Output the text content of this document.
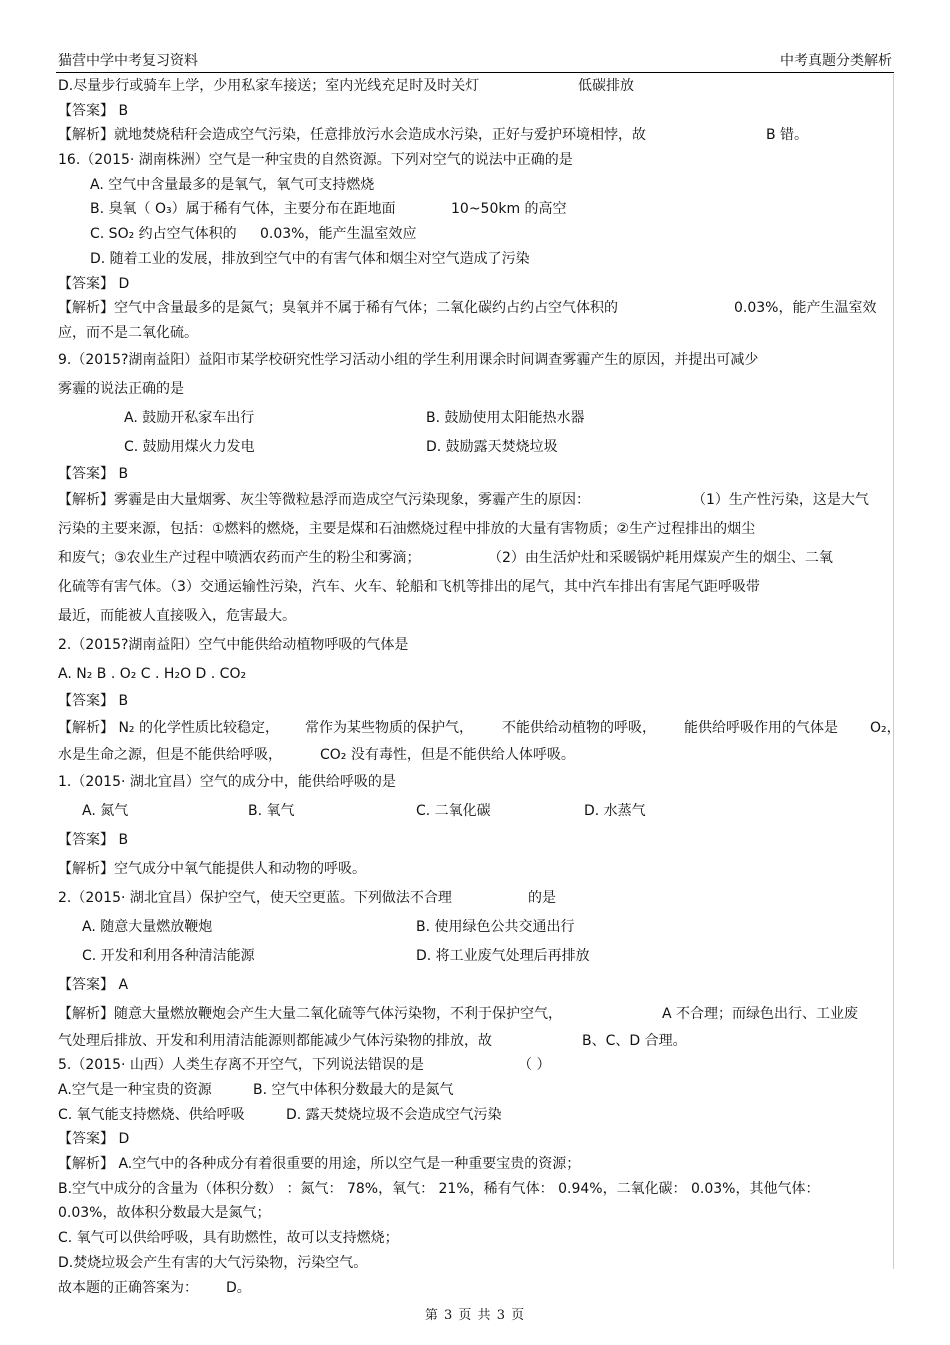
猫营中学中考复习资料	中考真题分类解析
D.尽量步行或骑车上学，少用私家车接送；室内光线充足时及时关灯	低碳排放
【答案】 B
【解析】就地焚烧秸秆会造成空气污染，任意排放污水会造成水污染，正好与爱护环境相悖，故	B 错。
16.（2015· 湖南株洲）空气是一种宝贵的自然资源。下列对空气的说法中正确的是
A. 空气中含量最多的是氧气，氧气可支持燃烧
B. 臭氧（ O₃）属于稀有气体，主要分布在距地面	10~50km 的高空
C. SO₂ 约占空气体积的 0.03%，能产生温室效应
D. 随着工业的发展，排放到空气中的有害气体和烟尘对空气造成了污染
【答案】 D
【解析】空气中含量最多的是氮气；臭氧并不属于稀有气体；二氧化碳约占约占空气体积的	0.03%，能产生温室效
应，而不是二氧化硫。
9.（2015?湖南益阳）益阳市某学校研究性学习活动小组的学生利用课余时间调查雾霾产生的原因，并提出可减少
雾霾的说法正确的是
A. 鼓励开私家车出行	B. 鼓励使用太阳能热水器
C. 鼓励用煤火力发电	D. 鼓励露天焚烧垃圾
【答案】 B
【解析】雾霾是由大量烟雾、灰尘等微粒悬浮而造成空气污染现象，雾霾产生的原因：	（1）生产性污染，这是大气
污染的主要来源，包括：①燃料的燃烧，主要是煤和石油燃烧过程中排放的大量有害物质；②生产过程排出的烟尘
和废气；③农业生产过程中喷洒农药而产生的粉尘和雾滴；	（2）由生活炉灶和采暖锅炉耗用煤炭产生的烟尘、二氧
化硫等有害气体。（3）交通运输性污染，汽车、火车、轮船和飞机等排出的尾气，其中汽车排出有害尾气距呼吸带
最近，而能被人直接吸入，危害最大。
2.（2015?湖南益阳）空气中能供给动植物呼吸的气体是
A. N₂ B . O₂ C . H₂O D . CO₂
【答案】 B
【解析】 N₂ 的化学性质比较稳定， 常作为某些物质的保护气， 不能供给动植物的呼吸， 能供给呼吸作用的气体是 O₂，
水是生命之源，但是不能供给呼吸，	CO₂ 没有毒性，但是不能供给人体呼吸。
1.（2015· 湖北宜昌）空气的成分中，能供给呼吸的是
A. 氮气	B. 氧气	C. 二氧化碳	D. 水蒸气
【答案】 B
【解析】空气成分中氧气能提供人和动物的呼吸。
2.（2015· 湖北宜昌）保护空气，使天空更蓝。下列做法不合理	的是
A. 随意大量燃放鞭炮	B. 使用绿色公共交通出行
C. 开发和利用各种清洁能源	D. 将工业废气处理后再排放
【答案】 A
【解析】随意大量燃放鞭炮会产生大量二氧化硫等气体污染物，不利于保护空气，	A 不合理；而绿色出行、工业废
气处理后排放、开发和利用清洁能源则都能减少气体污染物的排放，故	B、C、D 合理。
5.（2015· 山西）人类生存离不开空气，下列说法错误的是	（ ）
A.空气是一种宝贵的资源	B. 空气中体积分数最大的是氮气
C. 氧气能支持燃烧、供给呼吸	D. 露天焚烧垃圾不会造成空气污染
【答案】 D
【解析】 A.空气中的各种成分有着很重要的用途，所以空气是一种重要宝贵的资源；
B.空气中成分的含量为（体积分数） ：氮气： 78%，氧气： 21%，稀有气体： 0.94%，二氧化碳： 0.03%，其他气体：
0.03%，故体积分数最大是氮气；
C. 氧气可以供给呼吸，具有助燃性，故可以支持燃烧；
D.焚烧垃圾会产生有害的大气污染物，污染空气。
故本题的正确答案为： D。
第 3 页 共 3 页
